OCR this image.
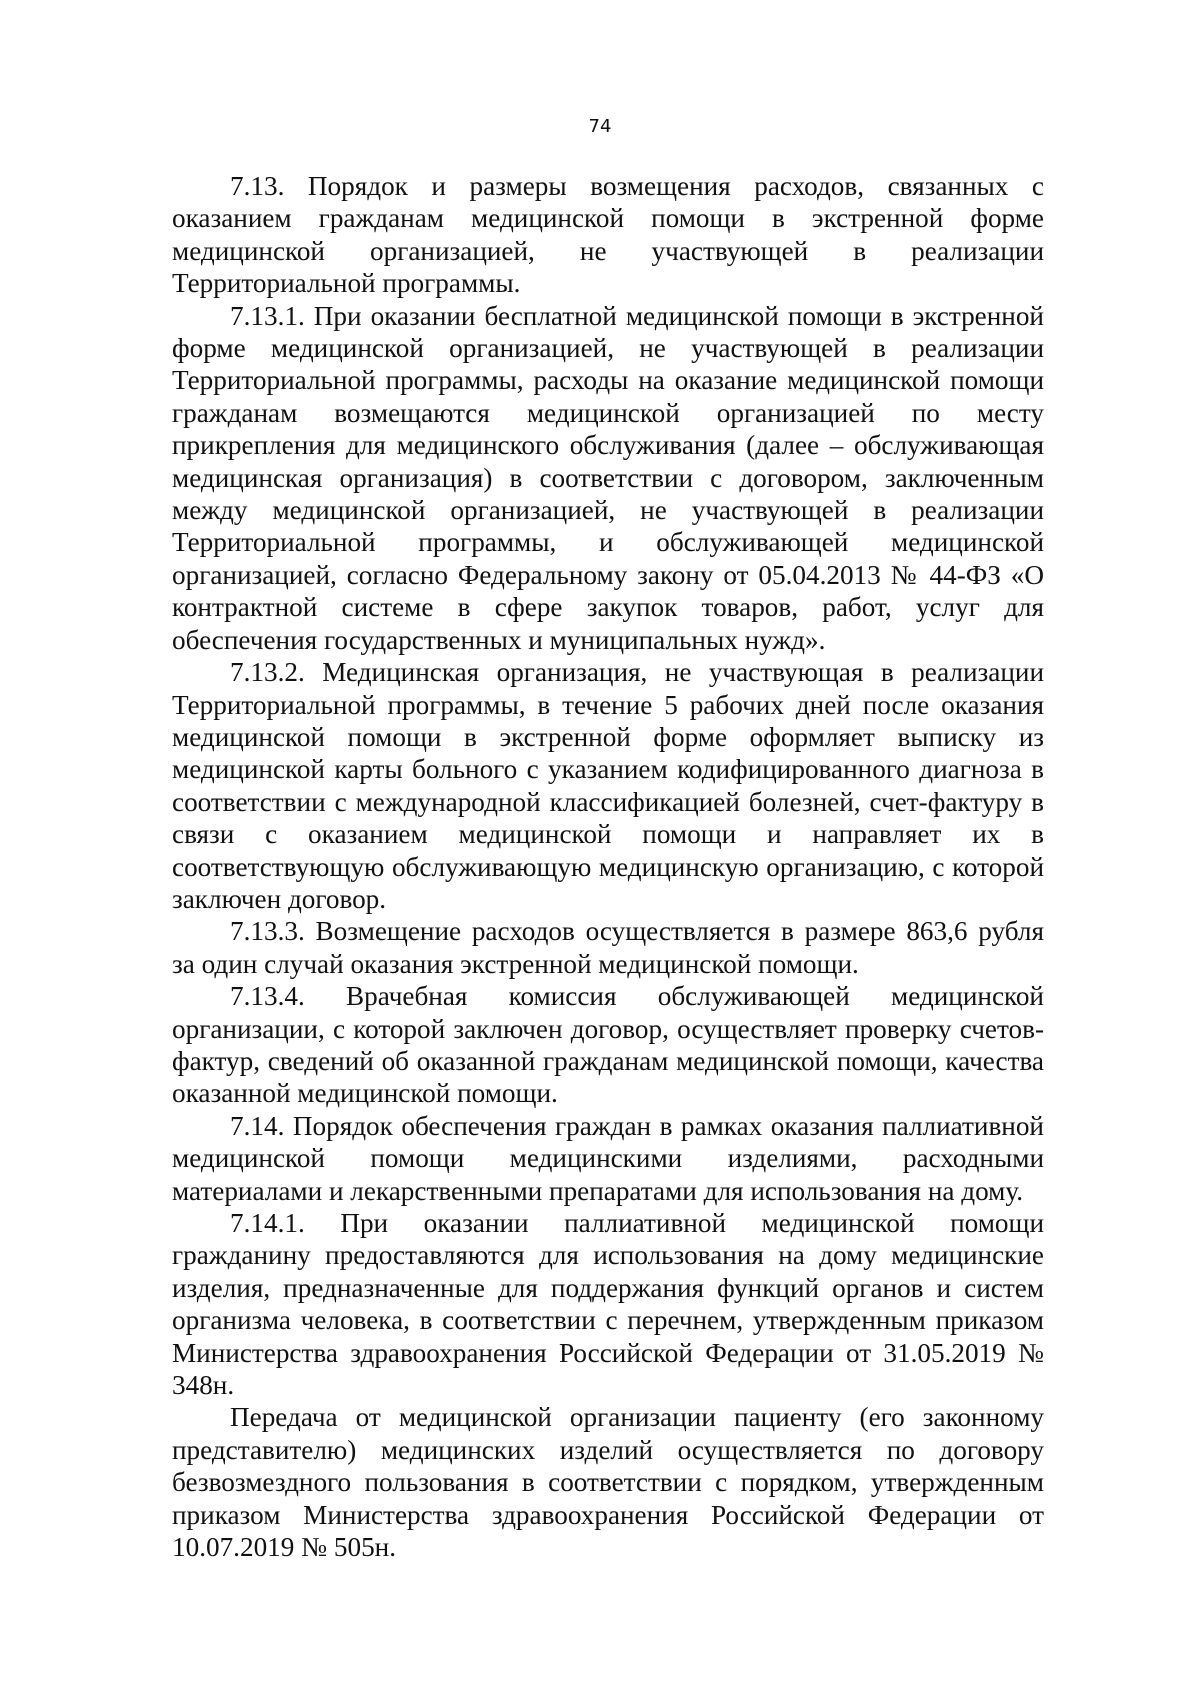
74

7.13. Порядок и размеры возмещения расходов, связанных с оказанием гражданам медицинской помощи в экстренной форме медицинской организацией, не участвующей в реализации Территориальной программы.

7.13.1. При оказании бесплатной медицинской помощи в экстренной форме медицинской организацией, не участвующей в реализации Территориальной программы, расходы на оказание медицинской помощи гражданам возмещаются медицинской организацией по месту прикрепления для медицинского обслуживания (далее – обслуживающая медицинская организация) в соответствии с договором, заключенным между медицинской организацией, не участвующей в реализации Территориальной программы, и обслуживающей медицинской организацией, согласно Федеральному закону от 05.04.2013 № 44-ФЗ «О контрактной системе в сфере закупок товаров, работ, услуг для обеспечения государственных и муниципальных нужд».

7.13.2. Медицинская организация, не участвующая в реализации Территориальной программы, в течение 5 рабочих дней после оказания медицинской помощи в экстренной форме оформляет выписку из медицинской карты больного с указанием кодифицированного диагноза в соответствии с международной классификацией болезней, счет-фактуру в связи с оказанием медицинской помощи и направляет их в соответствующую обслуживающую медицинскую организацию, с которой заключен договор.

7.13.3. Возмещение расходов осуществляется в размере 863,6 рубля за один случай оказания экстренной медицинской помощи.

7.13.4. Врачебная комиссия обслуживающей медицинской организации, с которой заключен договор, осуществляет проверку счетов-фактур, сведений об оказанной гражданам медицинской помощи, качества оказанной медицинской помощи.

7.14. Порядок обеспечения граждан в рамках оказания паллиативной медицинской помощи медицинскими изделиями, расходными материалами и лекарственными препаратами для использования на дому.

7.14.1. При оказании паллиативной медицинской помощи гражданину предоставляются для использования на дому медицинские изделия, предназначенные для поддержания функций органов и систем организма человека, в соответствии с перечнем, утвержденным приказом Министерства здравоохранения Российской Федерации от 31.05.2019 № 348н.

Передача от медицинской организации пациенту (его законному представителю) медицинских изделий осуществляется по договору безвозмездного пользования в соответствии с порядком, утвержденным приказом Министерства здравоохранения Российской Федерации от 10.07.2019 № 505н.
